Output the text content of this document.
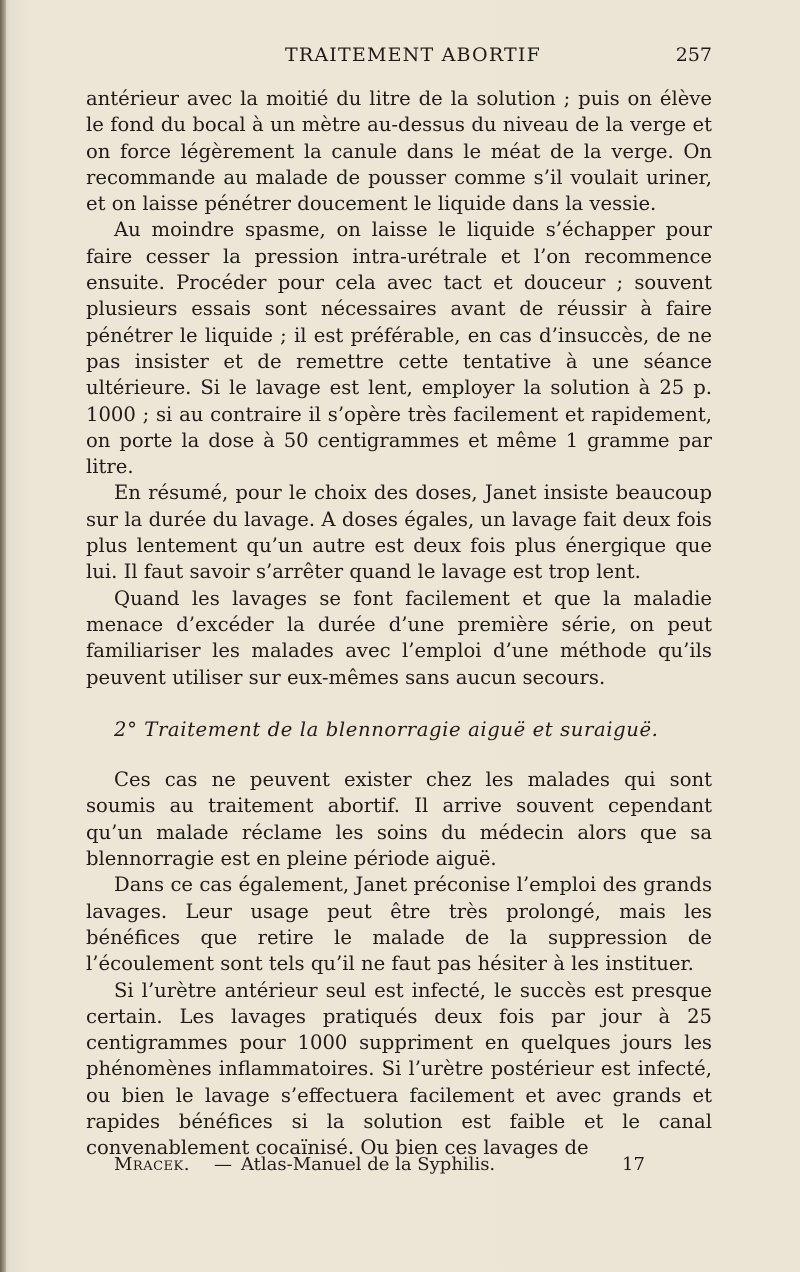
TRAITEMENT ABORTIF	257

antérieur avec la moitié du litre de la solution ; puis on élève le fond du bocal à un mètre au-dessus du niveau de la verge et on force légèrement la canule dans le méat de la verge. On recommande au malade de pousser comme s’il voulait uriner, et on laisse pénétrer doucement le liquide dans la vessie.

Au moindre spasme, on laisse le liquide s’échapper pour faire cesser la pression intra-urétrale et l’on recommence ensuite. Procéder pour cela avec tact et douceur ; souvent plusieurs essais sont nécessaires avant de réussir à faire pénétrer le liquide ; il est préférable, en cas d’insuccès, de ne pas insister et de remettre cette tentative à une séance ultérieure. Si le lavage est lent, employer la solution à 25 p. 1000 ; si au contraire il s’opère très facilement et rapidement, on porte la dose à 50 centigrammes et même 1 gramme par litre.

En résumé, pour le choix des doses, Janet insiste beaucoup sur la durée du lavage. A doses égales, un lavage fait deux fois plus lentement qu’un autre est deux fois plus énergique que lui. Il faut savoir s’arrêter quand le lavage est trop lent.

Quand les lavages se font facilement et que la maladie menace d’excéder la durée d’une première série, on peut familiariser les malades avec l’emploi d’une méthode qu’ils peuvent utiliser sur eux-mêmes sans aucun secours.

2° Traitement de la blennorragie aiguë et suraiguë.

Ces cas ne peuvent exister chez les malades qui sont soumis au traitement abortif. Il arrive souvent cependant qu’un malade réclame les soins du médecin alors que sa blennorragie est en pleine période aiguë.

Dans ce cas également, Janet préconise l’emploi des grands lavages. Leur usage peut être très prolongé, mais les bénéfices que retire le malade de la suppression de l’écoulement sont tels qu’il ne faut pas hésiter à les instituer.

Si l’urètre antérieur seul est infecté, le succès est presque certain. Les lavages pratiqués deux fois par jour à 25 centigrammes pour 1000 suppriment en quelques jours les phénomènes inflammatoires. Si l’urètre postérieur est infecté, ou bien le lavage s’effectuera facilement et avec grands et rapides bénéfices si la solution est faible et le canal convenablement cocaïnisé. Ou bien ces lavages de

Mracek. — Atlas-Manuel de la Syphilis.	17
